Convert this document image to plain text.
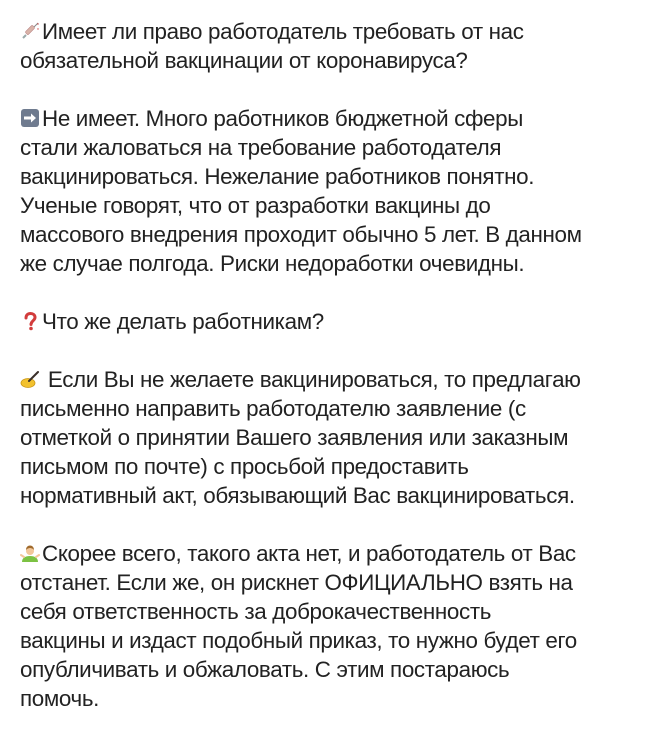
Имеет ли право работодатель требовать от нас
обязательной вакцинации от коронавируса?

Не имеет. Много работников бюджетной сферы
стали жаловаться на требование работодателя
вакцинироваться. Нежелание работников понятно.
Ученые говорят, что от разработки вакцины до
массового внедрения проходит обычно 5 лет. В данном
же случае полгода. Риски недоработки очевидны.

Что же делать работникам?

Если Вы не желаете вакцинироваться, то предлагаю
письменно направить работодателю заявление (с
отметкой о принятии Вашего заявления или заказным
письмом по почте) с просьбой предоставить
нормативный акт, обязывающий Вас вакцинироваться.

Скорее всего, такого акта нет, и работодатель от Вас
отстанет. Если же, он рискнет ОФИЦИАЛЬНО взять на
себя ответственность за доброкачественность
вакцины и издаст подобный приказ, то нужно будет его
опубличивать и обжаловать. С этим постараюсь
помочь.
